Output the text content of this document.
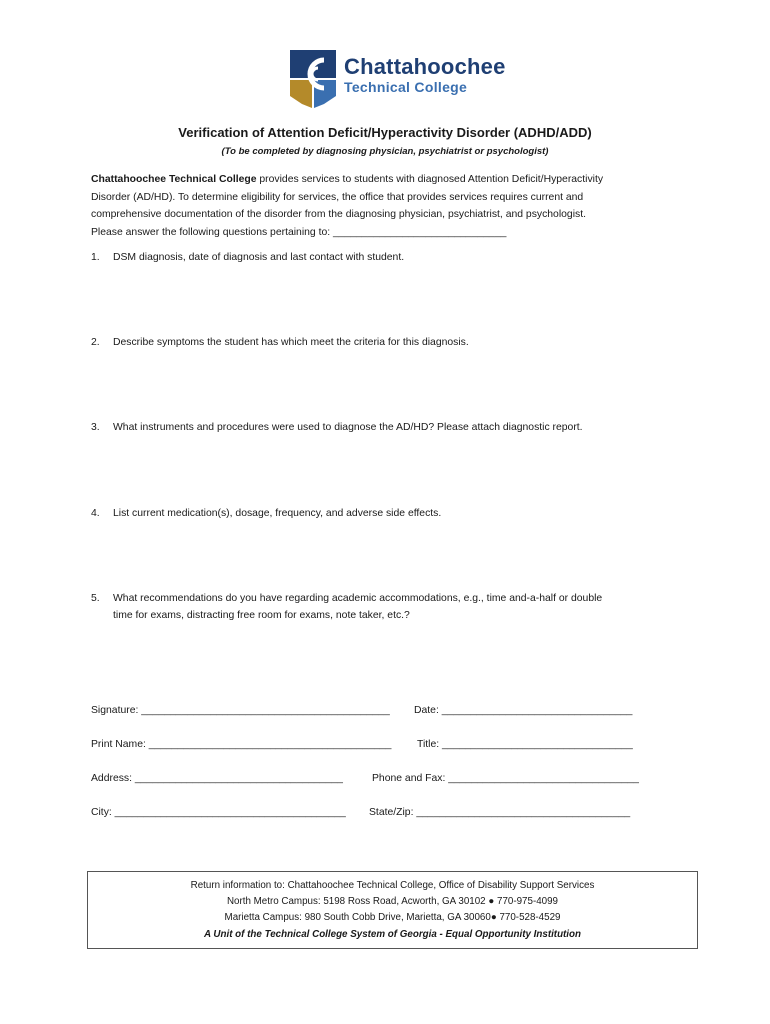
Chattahoochee
Technical College
Verification of Attention Deficit/Hyperactivity Disorder (ADHD/ADD)
(To be completed by diagnosing physician, psychiatrist or psychologist)
Chattahoochee Technical College provides services to students with diagnosed Attention Deficit/Hyperactivity
Disorder (AD/HD). To determine eligibility for services, the office that provides services requires current and
comprehensive documentation of the disorder from the diagnosing physician, psychiatrist, and psychologist.
Please answer the following questions pertaining to: ______________________________
1. DSM diagnosis, date of diagnosis and last contact with student.
2. Describe symptoms the student has which meet the criteria for this diagnosis.
3. What instruments and procedures were used to diagnose the AD/HD? Please attach diagnostic report.
4. List current medication(s), dosage, frequency, and adverse side effects.
5. What recommendations do you have regarding academic accommodations, e.g., time and-a-half or double
time for exams, distracting free room for exams, note taker, etc.?
Signature: ___________________________________________ Date: _________________________________
Print Name: __________________________________________ Title: _________________________________
Address: ____________________________________	Phone and Fax: _________________________________
City: ________________________________________ State/Zip: _____________________________________
Return information to: Chattahoochee Technical College, Office of Disability Support Services
North Metro Campus: 5198 Ross Road, Acworth, GA 30102 ● 770-975-4099
Marietta Campus: 980 South Cobb Drive, Marietta, GA 30060● 770-528-4529
A Unit of the Technical College System of Georgia - Equal Opportunity Institution
